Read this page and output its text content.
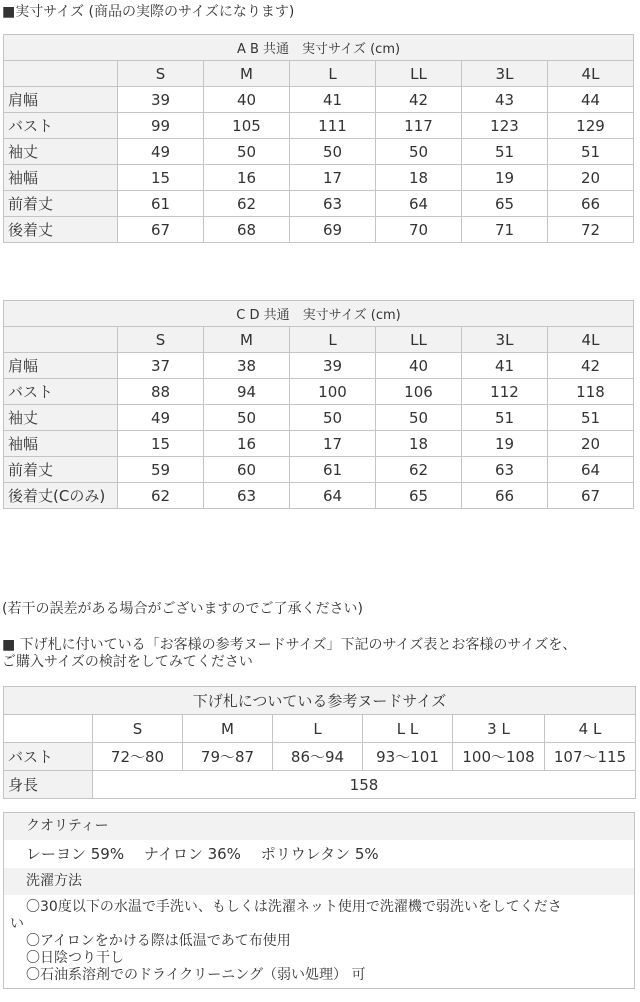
■実寸サイズ (商品の実際のサイズになります)
A B 共通　実寸サイズ (cm)						
	S	M	L	LL	3L	4L
肩幅	39	40	41	42	43	44
バスト	99	105	111	117	123	129
袖丈	49	50	50	50	51	51
袖幅	15	16	17	18	19	20
前着丈	61	62	63	64	65	66
後着丈	67	68	69	70	71	72
C D 共通　実寸サイズ (cm)						
	S	M	L	LL	3L	4L
肩幅	37	38	39	40	41	42
バスト	88	94	100	106	112	118
袖丈	49	50	50	50	51	51
袖幅	15	16	17	18	19	20
前着丈	59	60	61	62	63	64
後着丈(Cのみ)	62	63	64	65	66	67
(若干の誤差がある場合がございますのでご了承ください)
■ 下げ札に付いている「お客様の参考ヌードサイズ」下記のサイズ表とお客様のサイズを、
ご購入サイズの検討をしてみてください
下げ札についている参考ヌードサイズ						
	S	M	L	L L	3 L	4 L
バスト	72～80	79～87	86～94	93～101	100～108	107～115
身長	158					
クオリティー
レーヨン 59%　 ナイロン 36%　 ポリウレタン 5%
洗濯方法
〇30度以下の水温で手洗い、もしくは洗濯ネット使用で洗濯機で弱洗いをしてくださ
い
〇アイロンをかける際は低温であて布使用
〇日陰つり干し
〇石油系溶剤でのドライクリーニング（弱い処理） 可
